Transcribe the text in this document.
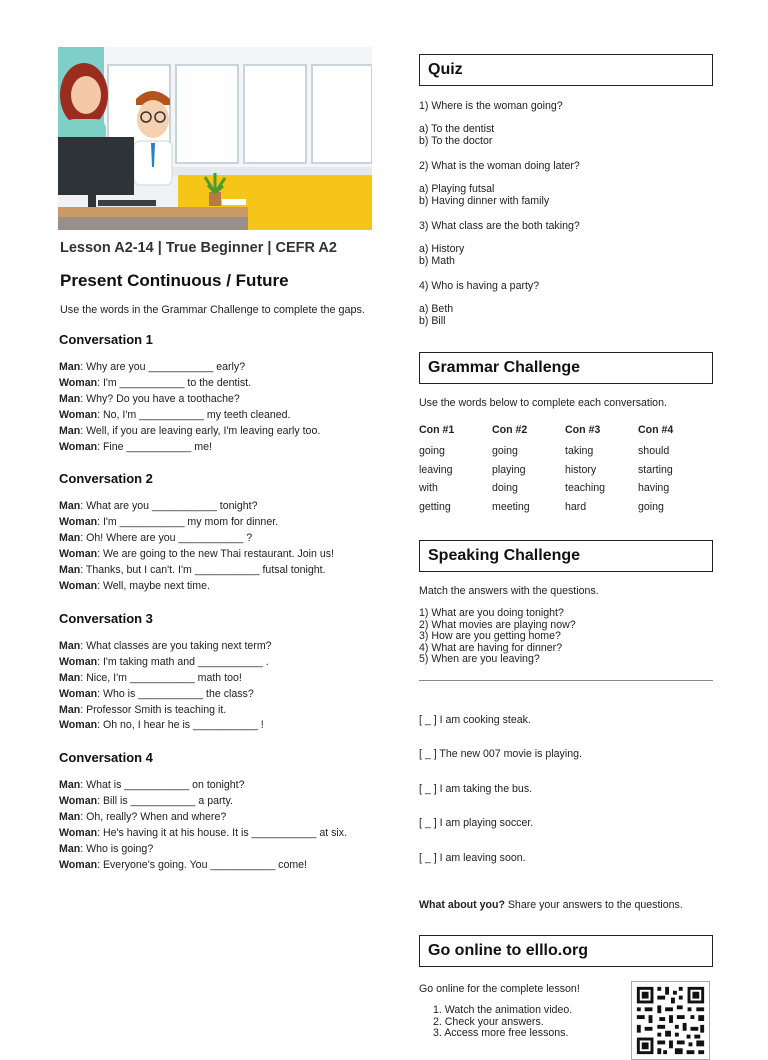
Lesson A2-14 | True Beginner | CEFR A2
Present Continuous / Future
Use the words in the Grammar Challenge to complete the gaps.
Conversation 1
Man: Why are you ___________ early?
Woman: I'm ___________ to the dentist.
Man: Why? Do you have a toothache?
Woman: No, I'm ___________ my teeth cleaned.
Man: Well, if you are leaving early, I'm leaving early too.
Woman: Fine ___________ me!
Conversation 2
Man: What are you ___________ tonight?
Woman: I'm ___________ my mom for dinner.
Man: Oh! Where are you ___________ ?
Woman: We are going to the new Thai restaurant. Join us!
Man: Thanks, but I can't. I'm ___________ futsal tonight.
Woman: Well, maybe next time.
Conversation 3
Man: What classes are you taking next term?
Woman: I'm taking math and ___________ .
Man: Nice, I'm ___________ math too!
Woman: Who is ___________ the class?
Man: Professor Smith is teaching it.
Woman: Oh no, I hear he is ___________ !
Conversation 4
Man: What is ___________ on tonight?
Woman: Bill is ___________ a party.
Man: Oh, really? When and where?
Woman: He's having it at his house. It is ___________ at six.
Man: Who is going?
Woman: Everyone's going. You ___________ come!
Quiz
1) Where is the woman going?
a) To the dentist
b) To the doctor
2) What is the woman doing later?
a) Playing futsal
b) Having dinner with family
3) What class are the both taking?
a) History
b) Math
4) Who is having a party?
a) Beth
b) Bill
Grammar Challenge
Use the words below to complete each conversation.
Con #1	Con #2	Con #3	Con #4
going	going	taking	should
leaving	playing	history	starting
with	doing	teaching	having
getting	meeting	hard	going
Speaking Challenge
Match the answers with the questions.
1) What are you doing tonight?
2) What movies are playing now?
3) How are you getting home?
4) What are having for dinner?
5) When are you leaving?

[ _ ] I am cooking steak.

[ _ ] The new 007 movie is playing.

[ _ ] I am taking the bus.

[ _ ] I am playing soccer.

[ _ ] I am leaving soon.

What about you? Share your answers to the questions.
Go online to elllo.org
Go online for the complete lesson!
1. Watch the animation video.
2. Check your answers.
3. Access more free lessons.
